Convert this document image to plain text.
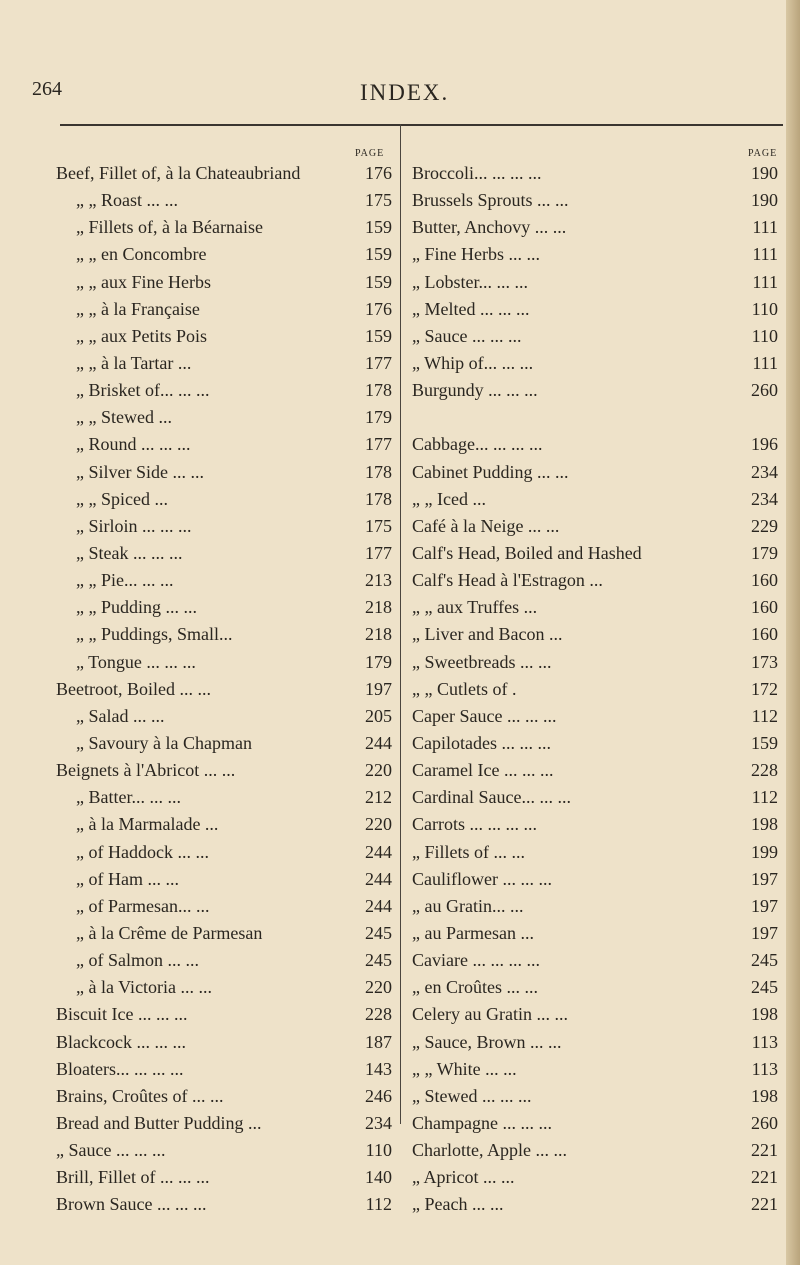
264	INDEX.
PAGE	PAGE
Beef, Fillet of, à la Chateaubriand	176
„ „ Roast ... ...	175
„ Fillets of, à la Béarnaise	159
„ „ en Concombre	159
„ „ aux Fine Herbs	159
„ „ à la Française	176
„ „ aux Petits Pois	159
„ „ à la Tartar ...	177
„ Brisket of... ... ...	178
„ „ Stewed ...	179
„ Round ... ... ...	177
„ Silver Side ... ...	178
„ „ Spiced ...	178
„ Sirloin ... ... ...	175
„ Steak ... ... ...	177
„ „ Pie... ... ...	213
„ „ Pudding ... ...	218
„ „ Puddings, Small...	218
„ Tongue ... ... ...	179
Beetroot, Boiled ... ...	197
„ Salad ... ...	205
„ Savoury à la Chapman	244
Beignets à l'Abricot ... ...	220
„ Batter... ... ...	212
„ à la Marmalade ...	220
„ of Haddock ... ...	244
„ of Ham ... ...	244
„ of Parmesan... ...	244
„ à la Crême de Parmesan	245
„ of Salmon ... ...	245
„ à la Victoria ... ...	220
Biscuit Ice ... ... ...	228
Blackcock ... ... ...	187
Bloaters... ... ... ...	143
Brains, Croûtes of ... ...	246
Bread and Butter Pudding ...	234
„ Sauce ... ... ...	110
Brill, Fillet of ... ... ...	140
Brown Sauce ... ... ...	112
Broccoli... ... ... ...	190
Brussels Sprouts ... ...	190
Butter, Anchovy ... ...	111
„ Fine Herbs ... ...	111
„ Lobster... ... ...	111
„ Melted ... ... ...	110
„ Sauce ... ... ...	110
„ Whip of... ... ...	111
Burgundy ... ... ...	260
Cabbage... ... ... ...	196
Cabinet Pudding ... ...	234
„ „ Iced ...	234
Café à la Neige ... ...	229
Calf's Head, Boiled and Hashed	179
Calf's Head à l'Estragon ...	160
„ „ aux Truffes ...	160
„ Liver and Bacon ...	160
„ Sweetbreads ... ...	173
„ „ Cutlets of .	172
Caper Sauce ... ... ...	112
Capilotades ... ... ...	159
Caramel Ice ... ... ...	228
Cardinal Sauce... ... ...	112
Carrots ... ... ... ...	198
„ Fillets of ... ...	199
Cauliflower ... ... ...	197
„ au Gratin... ...	197
„ au Parmesan ...	197
Caviare ... ... ... ...	245
„ en Croûtes ... ...	245
Celery au Gratin ... ...	198
„ Sauce, Brown ... ...	113
„ „ White ... ...	113
„ Stewed ... ... ...	198
Champagne ... ... ...	260
Charlotte, Apple ... ...	221
„ Apricot ... ...	221
„ Peach ... ...	221
